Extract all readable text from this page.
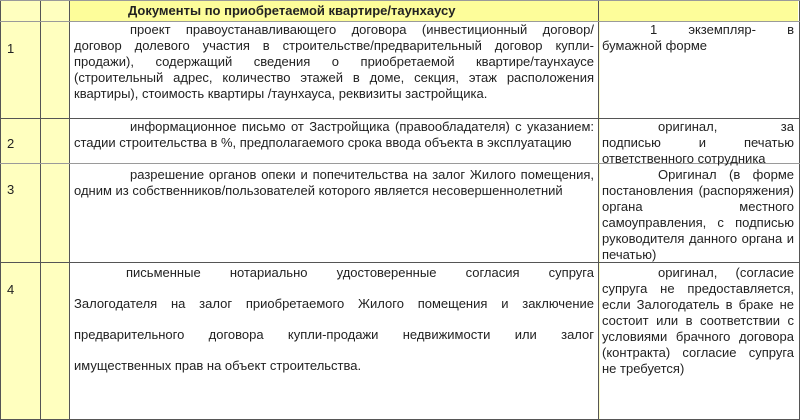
Документы по приобретаемой квартире/таунхаусу
1

проект правоустанавливающего договора (инвестиционный договор/договор долевого участия в строительстве/предварительный договор купли-продажи), содержащий сведения о приобретаемой квартире/таунхаусе (строительный адрес, количество этажей в доме, секция, этаж расположения квартиры), стоимость квартиры /таунхауса, реквизиты застройщика.

1 экземпляр- в бумажной форме
2

информационное письмо от Застройщика (правообладателя) с указанием: стадии строительства в %, предполагаемого срока ввода объекта в эксплуатацию

оригинал, за подписью и печатью ответственного сотрудника
3

разрешение органов опеки и попечительства на залог Жилого помещения, одним из собственников/пользователей которого является несовершеннолетний

Оригинал (в форме постановления (распоряжения) органа местного самоуправления, с подписью руководителя данного органа и печатью)
4

письменные нотариально удостоверенные согласия супруга

Залогодателя на залог приобретаемого Жилого помещения и заключение

предварительного договора купли-продажи недвижимости или залог

имущественных прав на объект строительства.

оригинал, (согласие супруга не предоставляется, если Залогодатель в браке не состоит или в соответствии с условиями брачного договора (контракта) согласие супруга не требуется)
